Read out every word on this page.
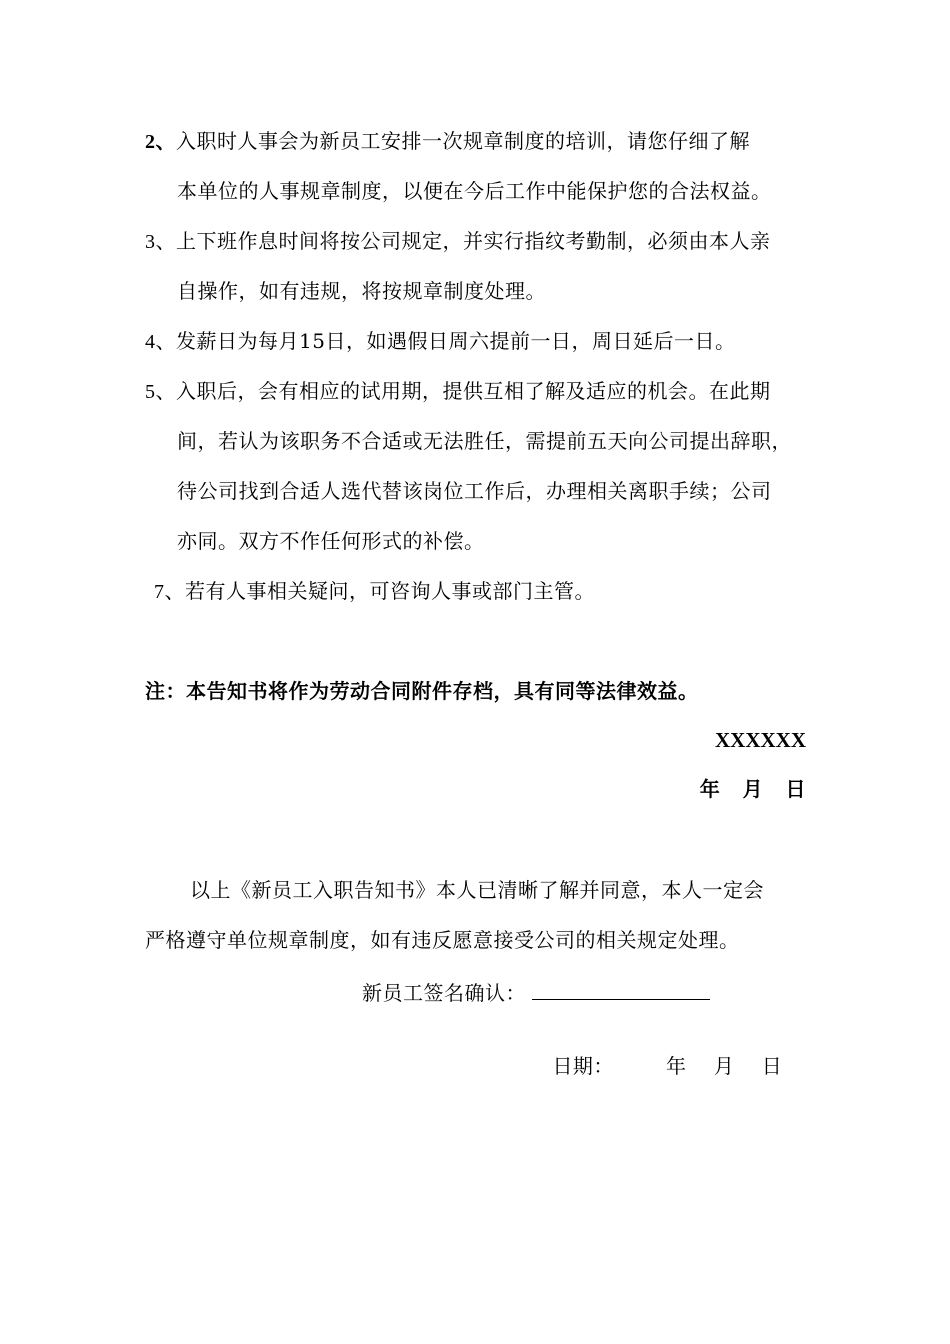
2、入职时人事会为新员工安排一次规章制度的培训，请您仔细了解
本单位的人事规章制度，以便在今后工作中能保护您的合法权益。
3、上下班作息时间将按公司规定，并实行指纹考勤制，必须由本人亲
自操作，如有违规，将按规章制度处理。
4、发薪日为每月15日，如遇假日周六提前一日，周日延后一日。
5、入职后，会有相应的试用期，提供互相了解及适应的机会。在此期
间，若认为该职务不合适或无法胜任，需提前五天向公司提出辞职，
待公司找到合适人选代替该岗位工作后，办理相关离职手续；公司
亦同。双方不作任何形式的补偿。
7、若有人事相关疑问，可咨询人事或部门主管。
注：本告知书将作为劳动合同附件存档，具有同等法律效益。
XXXXXX
年   月   日
以上《新员工入职告知书》本人已清晰了解并同意，本人一定会
严格遵守单位规章制度，如有违反愿意接受公司的相关规定处理。
新员工签名确认：

日期：	年    月    日
